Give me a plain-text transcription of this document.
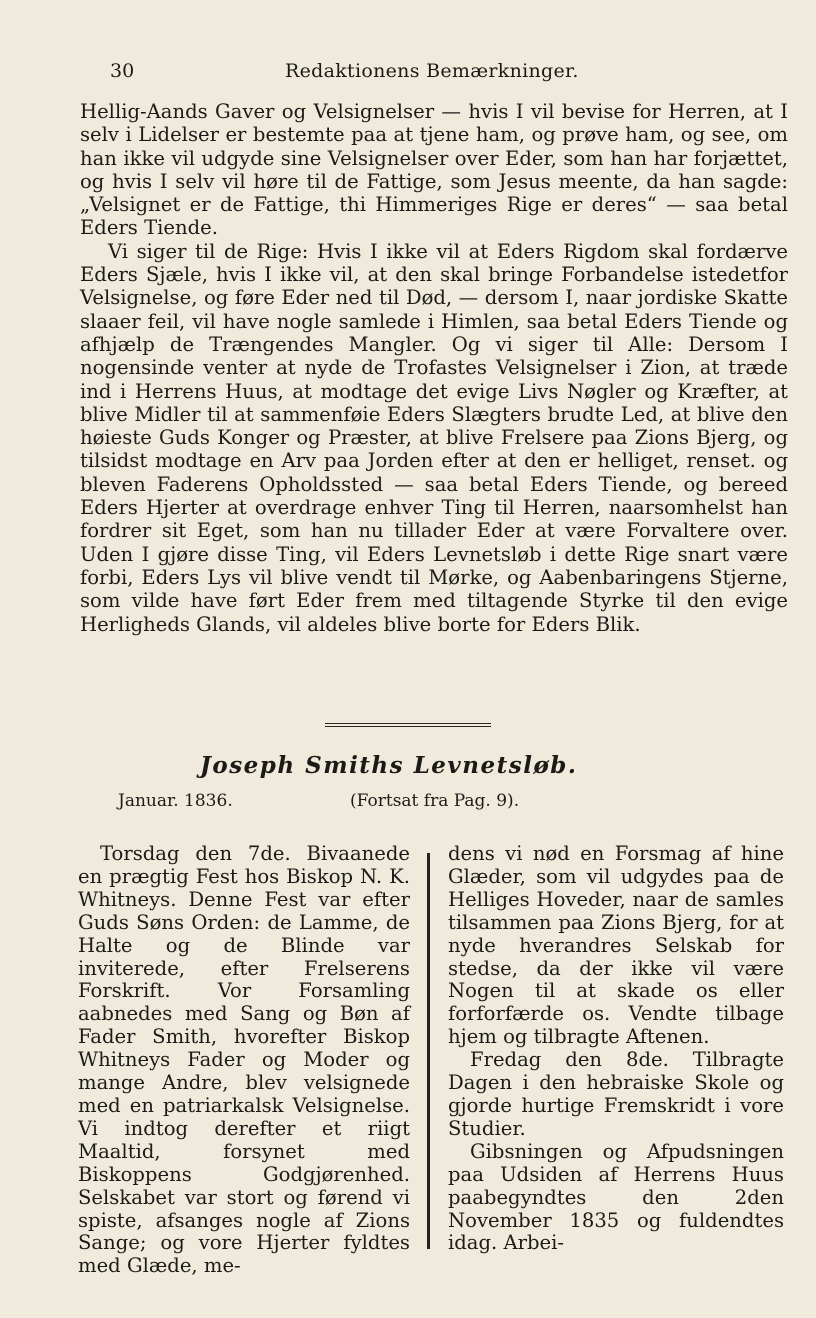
30	Redaktionens Bemærkninger.

Hellig-Aands Gaver og Velsignelser — hvis I vil bevise for Herren, at I selv i Lidelser er bestemte paa at tjene ham, og prøve ham, og see, om han ikke vil udgyde sine Velsignelser over Eder, som han har forjættet, og hvis I selv vil høre til de Fattige, som Jesus meente, da han sagde: „Velsignet er de Fattige, thi Himmeriges Rige er deres“ — saa betal Eders Tiende.

Vi siger til de Rige: Hvis I ikke vil at Eders Rigdom skal fordærve Eders Sjæle, hvis I ikke vil, at den skal bringe Forbandelse istedetfor Velsignelse, og føre Eder ned til Død, — dersom I, naar jordiske Skatte slaaer feil, vil have nogle samlede i Himlen, saa betal Eders Tiende og afhjælp de Trængendes Mangler. Og vi siger til Alle: Dersom I nogensinde venter at nyde de Trofastes Velsignelser i Zion, at træde ind i Herrens Huus, at modtage det evige Livs Nøgler og Kræfter, at blive Midler til at sammenføie Eders Slægters brudte Led, at blive den høieste Guds Konger og Præster, at blive Frelsere paa Zions Bjerg, og tilsidst modtage en Arv paa Jorden efter at den er helliget, renset. og bleven Faderens Opholdssted — saa betal Eders Tiende, og bereed Eders Hjerter at overdrage enhver Ting til Herren, naarsomhelst han fordrer sit Eget, som han nu tillader Eder at være Forvaltere over. Uden I gjøre disse Ting, vil Eders Levnetsløb i dette Rige snart være forbi, Eders Lys vil blive vendt til Mørke, og Aabenbaringens Stjerne, som vilde have ført Eder frem med tiltagende Styrke til den evige Herligheds Glands, vil aldeles blive borte for Eders Blik.

Joseph Smiths Levnetsløb.
Januar. 1836.	(Fortsat fra Pag. 9).

Torsdag den 7de. Bivaanede en prægtig Fest hos Biskop N. K. Whitneys. Denne Fest var efter Guds Søns Orden: de Lamme, de Halte og de Blinde var inviterede, efter Frelserens Forskrift. Vor Forsamling aabnedes med Sang og Bøn af Fader Smith, hvorefter Biskop Whitneys Fader og Moder og mange Andre, blev velsignede med en patriarkalsk Velsignelse. Vi indtog derefter et riigt Maaltid, forsynet med Biskoppens Godgjørenhed. Selskabet var stort og førend vi spiste, afsanges nogle af Zions Sange; og vore Hjerter fyldtes med Glæde, me-

dens vi nød en Forsmag af hine Glæder, som vil udgydes paa de Helliges Hoveder, naar de samles tilsammen paa Zions Bjerg, for at nyde hverandres Selskab for stedse, da der ikke vil være Nogen til at skade os eller forforfærde os. Vendte tilbage hjem og tilbragte Aftenen.

Fredag den 8de. Tilbragte Dagen i den hebraiske Skole og gjorde hurtige Fremskridt i vore Studier.

Gibsningen og Afpudsningen paa Udsiden af Herrens Huus paabegyndtes den 2den November 1835 og fuldendtes idag. Arbei-
